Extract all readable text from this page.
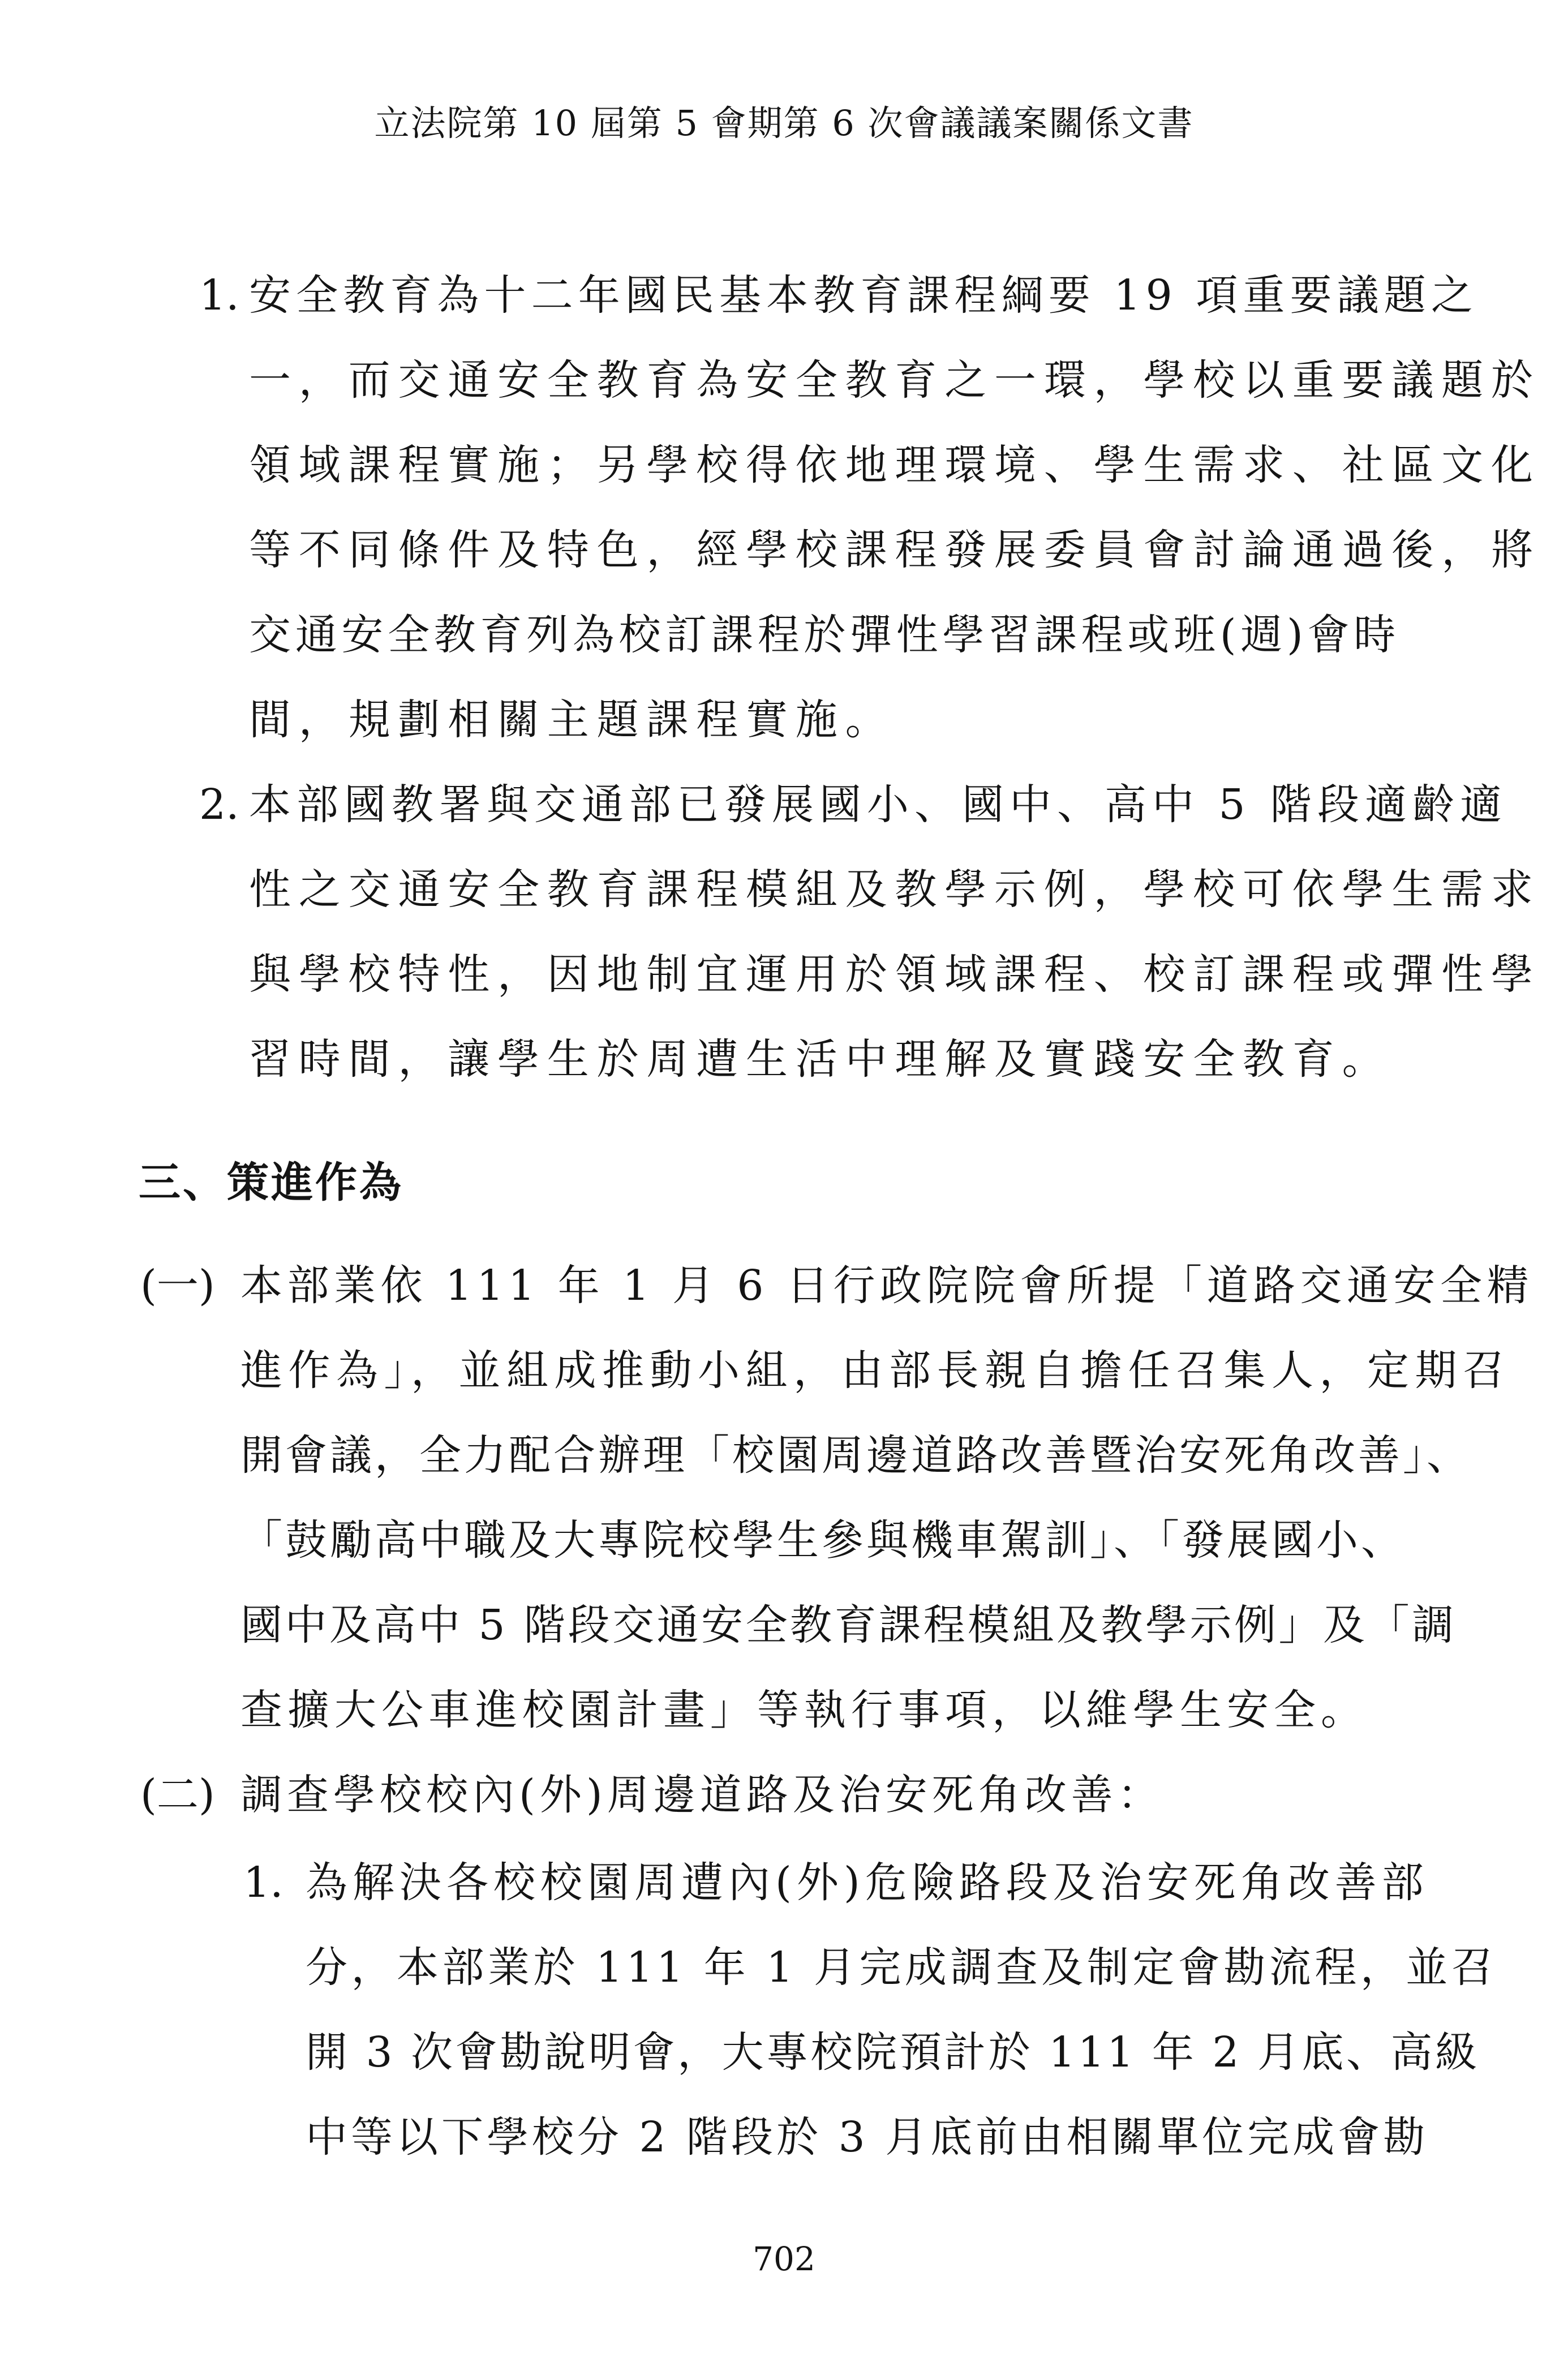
立法院第 10 屆第 5 會期第 6 次會議議案關係文書
1. 安全教育為十二年國民基本教育課程綱要 19 項重要議題之
一，而交通安全教育為安全教育之一環，學校以重要議題於
領域課程實施；另學校得依地理環境、學生需求、社區文化
等不同條件及特色，經學校課程發展委員會討論通過後，將
交通安全教育列為校訂課程於彈性學習課程或班(週)會時
間，規劃相關主題課程實施。
2. 本部國教署與交通部已發展國小、國中、高中 5 階段適齡適
性之交通安全教育課程模組及教學示例，學校可依學生需求
與學校特性，因地制宜運用於領域課程、校訂課程或彈性學
習時間，讓學生於周遭生活中理解及實踐安全教育。
三、策進作為
(一) 本部業依 111 年 1 月 6 日行政院院會所提「道路交通安全精
進作為」，並組成推動小組，由部長親自擔任召集人，定期召
開會議，全力配合辦理「校園周邊道路改善暨治安死角改善」、
「鼓勵高中職及大專院校學生參與機車駕訓」、「發展國小、
國中及高中 5 階段交通安全教育課程模組及教學示例」及「調
查擴大公車進校園計畫」等執行事項，以維學生安全。
(二) 調查學校校內(外)周邊道路及治安死角改善：
1. 為解決各校校園周遭內(外)危險路段及治安死角改善部
分，本部業於 111 年 1 月完成調查及制定會勘流程，並召
開 3 次會勘說明會，大專校院預計於 111 年 2 月底、高級
中等以下學校分 2 階段於 3 月底前由相關單位完成會勘
702
